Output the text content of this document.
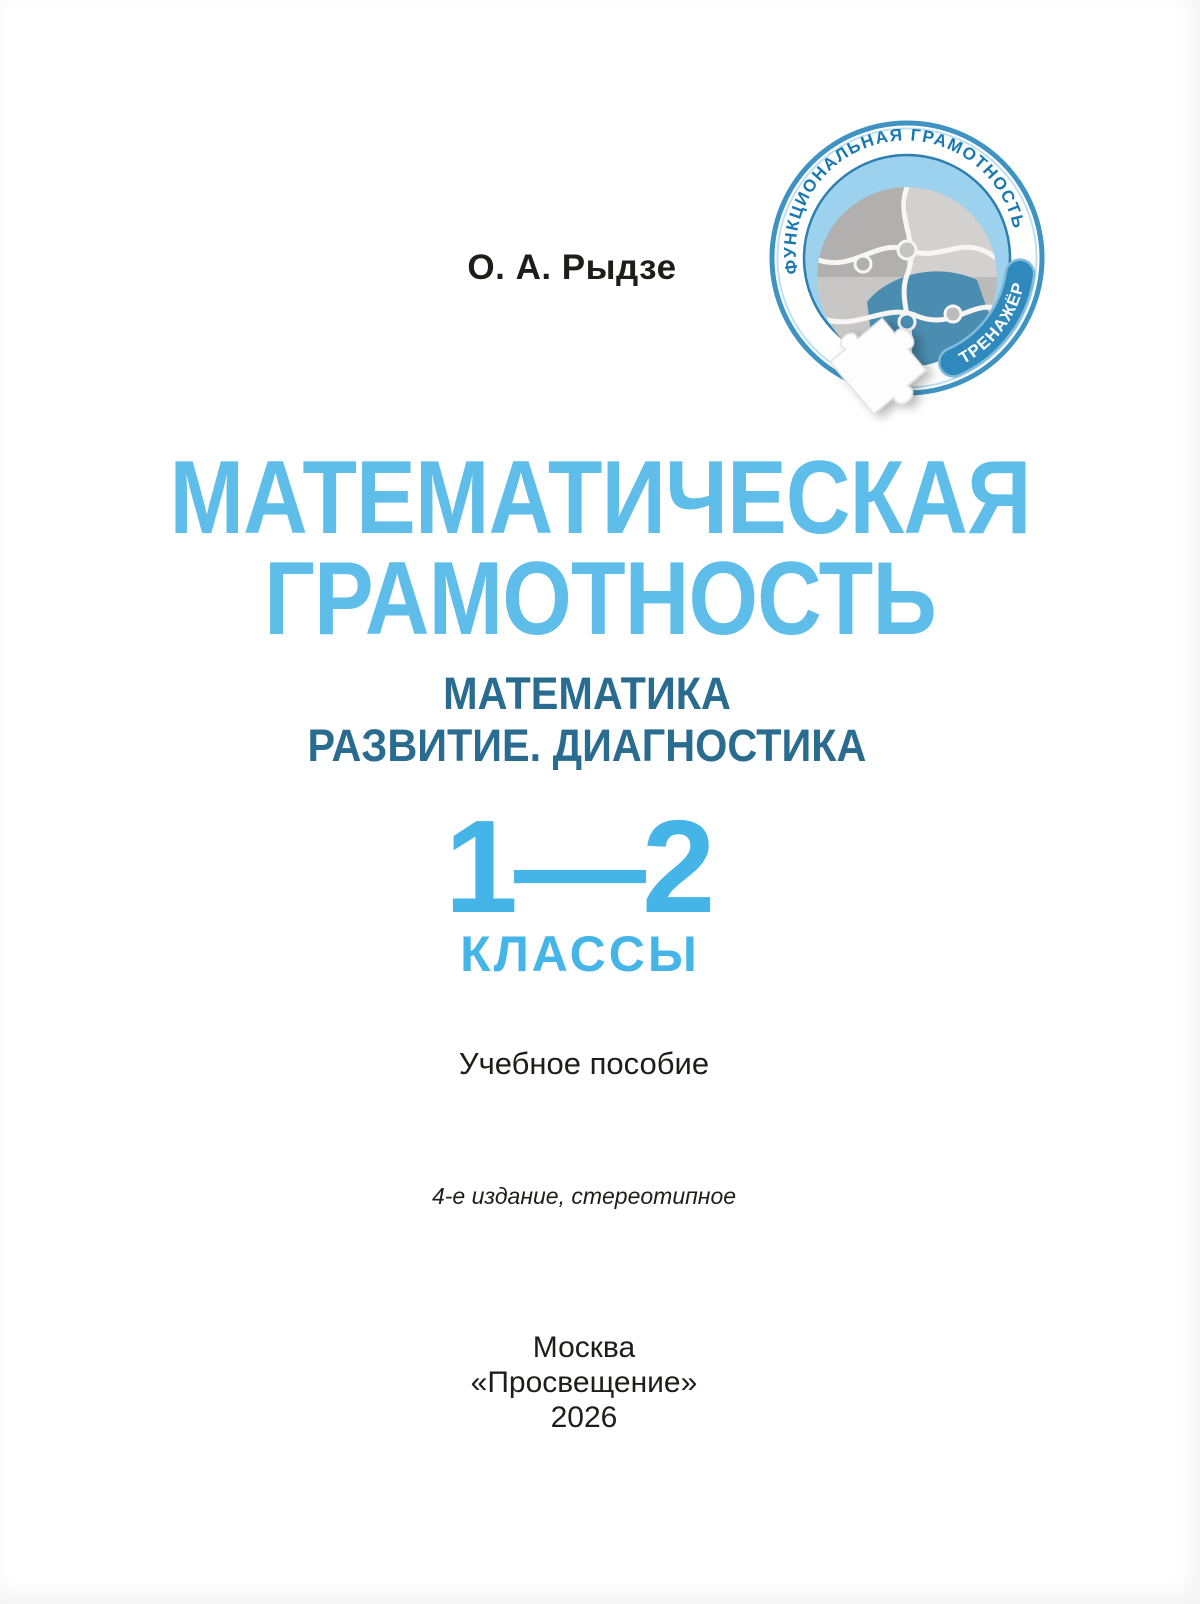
О. А. Рыдзе	ФУНКЦИОНАЛЬНАЯ ГРАМОТНОСТЬ
ТРЕНАЖЁР
МАТЕМАТИЧЕСКАЯ
ГРАМОТНОСТЬ
МАТЕМАТИКА
РАЗВИТИЕ. ДИАГНОСТИКА
1—2
КЛАССЫ
Учебное пособие
4-е издание, стереотипное
Москва
«Просвещение»
2026
